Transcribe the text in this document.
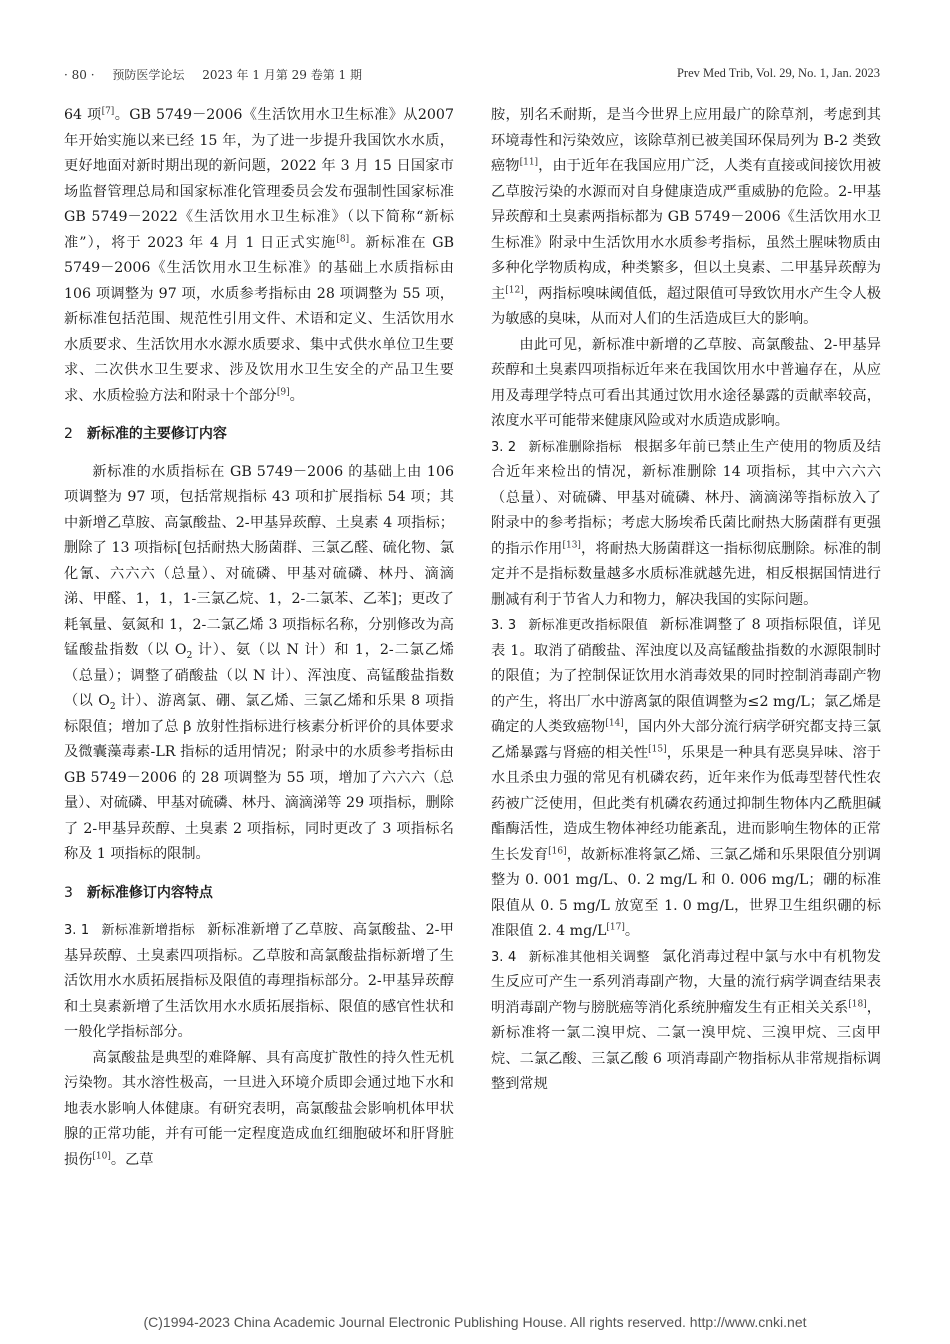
· 80 · 预防医学论坛 2023 年 1 月第 29 卷第 1 期	Prev Med Trib, Vol. 29, No. 1, Jan. 2023

64 项[7]。GB 5749－2006《生活饮用水卫生标准》从2007 年开始实施以来已经 15 年，为了进一步提升我国饮水水质，更好地面对新时期出现的新问题，2022 年 3 月 15 日国家市场监督管理总局和国家标准化管理委员会发布强制性国家标准 GB 5749－2022《生活饮用水卫生标准》（以下简称“新标准”），将于 2023 年 4 月 1 日正式实施[8]。新标准在 GB 5749－2006《生活饮用水卫生标准》的基础上水质指标由 106 项调整为 97 项，水质参考指标由 28 项调整为 55 项，新标准包括范围、规范性引用文件、术语和定义、生活饮用水水质要求、生活饮用水水源水质要求、集中式供水单位卫生要求、二次供水卫生要求、涉及饮用水卫生安全的产品卫生要求、水质检验方法和附录十个部分[9]。

2 新标准的主要修订内容

新标准的水质指标在 GB 5749－2006 的基础上由 106 项调整为 97 项，包括常规指标 43 项和扩展指标 54 项；其中新增乙草胺、高氯酸盐、2-甲基异莰醇、土臭素 4 项指标；删除了 13 项指标[包括耐热大肠菌群、三氯乙醛、硫化物、氯化氰、六六六（总量）、对硫磷、甲基对硫磷、林丹、滴滴涕、甲醛、1，1，1-三氯乙烷、1，2-二氯苯、乙苯]；更改了耗氧量、氨氮和 1，2-二氯乙烯 3 项指标名称，分别修改为高锰酸盐指数（以 $O_2$ 计）、氨（以 N 计）和 1，2-二氯乙烯（总量）；调整了硝酸盐（以 N 计）、浑浊度、高锰酸盐指数（以 $O_2$ 计）、游离氯、硼、氯乙烯、三氯乙烯和乐果 8 项指标限值；增加了总 β 放射性指标进行核素分析评价的具体要求及微囊藻毒素-LR 指标的适用情况；附录中的水质参考指标由 GB 5749－2006 的 28 项调整为 55 项，增加了六六六（总量）、对硫磷、甲基对硫磷、林丹、滴滴涕等 29 项指标，删除了 2-甲基异莰醇、土臭素 2 项指标，同时更改了 3 项指标名称及 1 项指标的限制。

3 新标准修订内容特点

3. 1 新标准新增指标 新标准新增了乙草胺、高氯酸盐、2-甲基异莰醇、土臭素四项指标。乙草胺和高氯酸盐指标新增了生活饮用水水质拓展指标及限值的毒理指标部分。2-甲基异莰醇和土臭素新增了生活饮用水水质拓展指标、限值的感官性状和一般化学指标部分。

高氯酸盐是典型的难降解、具有高度扩散性的持久性无机污染物。其水溶性极高，一旦进入环境介质即会通过地下水和地表水影响人体健康。有研究表明，高氯酸盐会影响机体甲状腺的正常功能，并有可能一定程度造成血红细胞破坏和肝肾脏损伤[10]。乙草

胺，别名禾耐斯，是当今世界上应用最广的除草剂，考虑到其环境毒性和污染效应，该除草剂已被美国环保局列为 B-2 类致癌物[11]，由于近年在我国应用广泛，人类有直接或间接饮用被乙草胺污染的水源而对自身健康造成严重威胁的危险。2-甲基异莰醇和土臭素两指标都为 GB 5749－2006《生活饮用水卫生标准》附录中生活饮用水水质参考指标，虽然土腥味物质由多种化学物质构成，种类繁多，但以土臭素、二甲基异莰醇为主[12]，两指标嗅味阈值低，超过限值可导致饮用水产生令人极为敏感的臭味，从而对人们的生活造成巨大的影响。

由此可见，新标准中新增的乙草胺、高氯酸盐、2-甲基异莰醇和土臭素四项指标近年来在我国饮用水中普遍存在，从应用及毒理学特点可看出其通过饮用水途径暴露的贡献率较高，浓度水平可能带来健康风险或对水质造成影响。

3. 2 新标准删除指标 根据多年前已禁止生产使用的物质及结合近年来检出的情况，新标准删除 14 项指标，其中六六六（总量）、对硫磷、甲基对硫磷、林丹、滴滴涕等指标放入了附录中的参考指标；考虑大肠埃希氏菌比耐热大肠菌群有更强的指示作用[13]，将耐热大肠菌群这一指标彻底删除。标准的制定并不是指标数量越多水质标准就越先进，相反根据国情进行删减有利于节省人力和物力，解决我国的实际问题。

3. 3 新标准更改指标限值 新标准调整了 8 项指标限值，详见表 1。取消了硝酸盐、浑浊度以及高锰酸盐指数的水源限制时的限值；为了控制保证饮用水消毒效果的同时控制消毒副产物的产生，将出厂水中游离氯的限值调整为≤2 mg/L；氯乙烯是确定的人类致癌物[14]，国内外大部分流行病学研究都支持三氯乙烯暴露与肾癌的相关性[15]，乐果是一种具有恶臭异味、溶于水且杀虫力强的常见有机磷农药，近年来作为低毒型替代性农药被广泛使用，但此类有机磷农药通过抑制生物体内乙酰胆碱酯酶活性，造成生物体神经功能紊乱，进而影响生物体的正常生长发育[16]，故新标准将氯乙烯、三氯乙烯和乐果限值分别调整为 0. 001 mg/L、0. 2 mg/L 和 0. 006 mg/L；硼的标准限值从 0. 5 mg/L 放宽至 1. 0 mg/L，世界卫生组织硼的标准限值 2. 4 mg/L[17]。

3. 4 新标准其他相关调整 氯化消毒过程中氯与水中有机物发生反应可产生一系列消毒副产物，大量的流行病学调查结果表明消毒副产物与膀胱癌等消化系统肿瘤发生有正相关关系[18]，新标准将一氯二溴甲烷、二氯一溴甲烷、三溴甲烷、三卤甲烷、二氯乙酸、三氯乙酸 6 项消毒副产物指标从非常规指标调整到常规

(C)1994-2023 China Academic Journal Electronic Publishing House. All rights reserved. http://www.cnki.net
